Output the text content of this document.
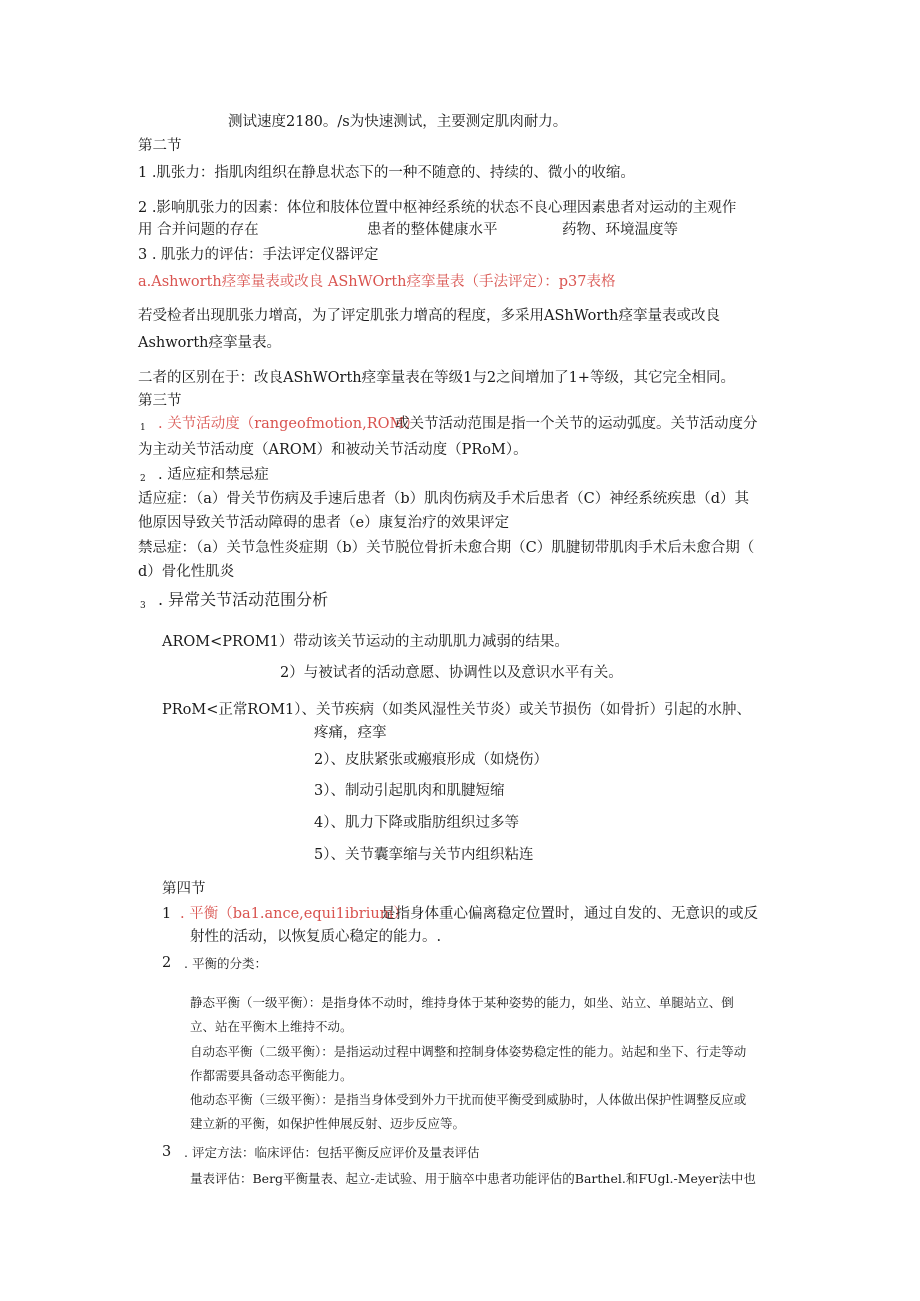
测试速度2180。/s为快速测试，主要测定肌肉耐力。
第二节
1	.肌张力：指肌肉组织在静息状态下的一种不随意的、持续的、微小的收缩。
2	.影响肌张力的因素：体位和肢体位置中枢神经系统的状态不良心理因素患者对运动的主观作
用 合并问题的存在	患者的整体健康水平	药物、环境温度等
3	. 肌张力的评估：手法评定仪器评定
a.Ashworth痉挛量表或改良 AShWOrth痉挛量表（手法评定）：p37表格
若受检者出现肌张力增高，为了评定肌张力增高的程度，多采用AShWorth痉挛量表或改良
Ashworth痉挛量表。
二者的区别在于：改良AShWOrth痉挛量表在等级1与2之间增加了1+等级，其它完全相同。
第三节
1 . 关节活动度（rangeofmotion,ROM）
或关节活动范围是指一个关节的运动弧度。关节活动度分
为主动关节活动度（AROM）和被动关节活动度（PRoM）。
2 . 适应症和禁忌症
适应症：（a）骨关节伤病及手速后患者（b）肌肉伤病及手术后患者（C）神经系统疾患（d）其
他原因导致关节活动障碍的患者（e）康复治疗的效果评定
禁忌症：（a）关节急性炎症期（b）关节脱位骨折未愈合期（C）肌腱韧带肌肉手术后未愈合期（
d）骨化性肌炎
3 . 异常关节活动范围分析
AROM<PROM1）带动该关节运动的主动肌肌力减弱的结果。
2）与被试者的活动意愿、协调性以及意识水平有关。
PRoM<正常ROM1）、关节疾病（如类风湿性关节炎）或关节损伤（如骨折）引起的水肿、
疼痛，痉挛
2）、皮肤紧张或瘢痕形成（如烧伤）
3）、制动引起肌肉和肌腱短缩
4）、肌力下降或脂肪组织过多等
5）、关节囊挛缩与关节内组织粘连
第四节
1 . 平衡（ba1.ance,equi1ibrium）
是指身体重心偏离稳定位置时，通过自发的、无意识的或反
射性的活动，以恢复质心稳定的能力。.
2 . 平衡的分类：
静态平衡（一级平衡）：是指身体不动时，维持身体于某种姿势的能力，如坐、站立、单腿站立、倒
立、站在平衡木上维持不动。
自动态平衡（二级平衡）：是指运动过程中调整和控制身体姿势稳定性的能力。站起和坐下、行走等动
作都需要具备动态平衡能力。
他动态平衡（三级平衡）：是指当身体受到外力干扰而使平衡受到威胁时，人体做出保护性调整反应或
建立新的平衡，如保护性伸展反射、迈步反应等。
3 . 评定方法：临床评估：包括平衡反应评价及量表评估
量表评估：Berg平衡量表、起立-走试验、用于脑卒中患者功能评估的Barthel.和FUgl.-Meyer法中也
